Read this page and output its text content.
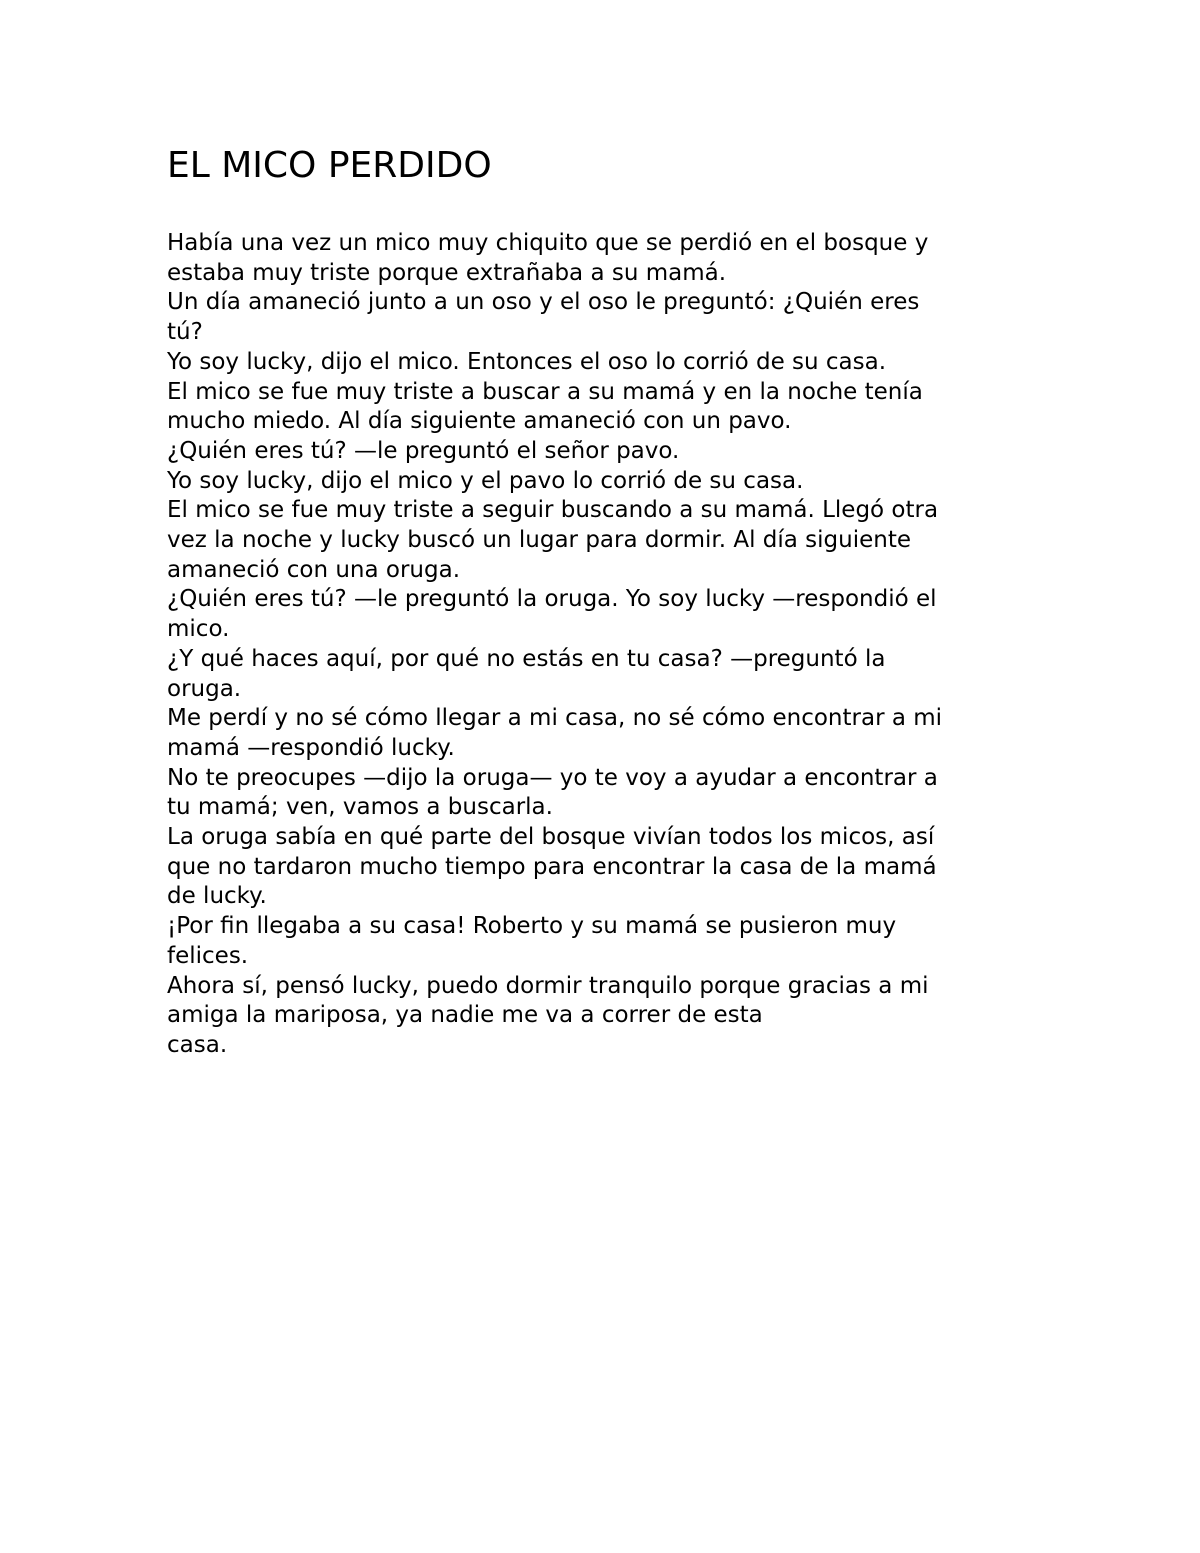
EL MICO PERDIDO

Había una vez un mico muy chiquito que se perdió en el bosque y

estaba muy triste porque extrañaba a su mamá.

Un día amaneció junto a un oso y el oso le preguntó: ¿Quién eres

tú?

Yo soy lucky, dijo el mico. Entonces el oso lo corrió de su casa.

El mico se fue muy triste a buscar a su mamá y en la noche tenía

mucho miedo. Al día siguiente amaneció con un pavo.

¿Quién eres tú? —le preguntó el señor pavo.

Yo soy lucky, dijo el mico y el pavo lo corrió de su casa.

El mico se fue muy triste a seguir buscando a su mamá. Llegó otra

vez la noche y lucky buscó un lugar para dormir. Al día siguiente

amaneció con una oruga.

¿Quién eres tú? —le preguntó la oruga. Yo soy lucky —respondió el

mico.

¿Y qué haces aquí, por qué no estás en tu casa? —preguntó la

oruga.

Me perdí y no sé cómo llegar a mi casa, no sé cómo encontrar a mi

mamá —respondió lucky.

No te preocupes —dijo la oruga— yo te voy a ayudar a encontrar a

tu mamá; ven, vamos a buscarla.

La oruga sabía en qué parte del bosque vivían todos los micos, así

que no tardaron mucho tiempo para encontrar la casa de la mamá

de lucky.

¡Por fin llegaba a su casa! Roberto y su mamá se pusieron muy

felices.

Ahora sí, pensó lucky, puedo dormir tranquilo porque gracias a mi

amiga la mariposa, ya nadie me va a correr de esta

casa.
